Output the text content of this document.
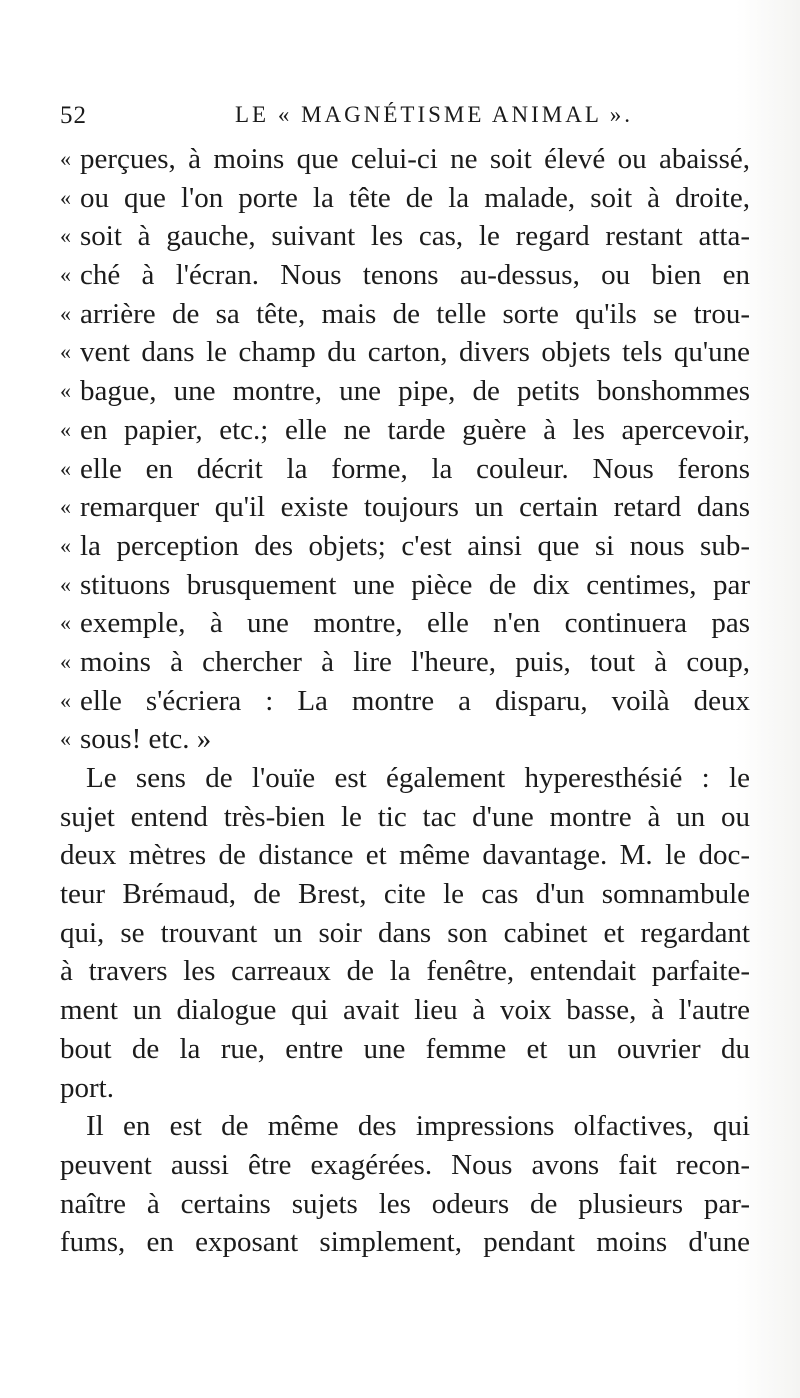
52	LE « MAGNÉTISME ANIMAL ».
« perçues, à moins que celui-ci ne soit élevé ou abaissé,
« ou que l'on porte la tête de la malade, soit à droite,
« soit à gauche, suivant les cas, le regard restant atta-
« ché à l'écran. Nous tenons au-dessus, ou bien en
« arrière de sa tête, mais de telle sorte qu'ils se trou-
« vent dans le champ du carton, divers objets tels qu'une
« bague, une montre, une pipe, de petits bonshommes
« en papier, etc.; elle ne tarde guère à les apercevoir,
« elle en décrit la forme, la couleur. Nous ferons
« remarquer qu'il existe toujours un certain retard dans
« la perception des objets; c'est ainsi que si nous sub-
« stituons brusquement une pièce de dix centimes, par
« exemple, à une montre, elle n'en continuera pas
« moins à chercher à lire l'heure, puis, tout à coup,
« elle s'écriera : La montre a disparu, voilà deux
« sous! etc. »
Le sens de l'ouïe est également hyperesthésié : le
sujet entend très-bien le tic tac d'une montre à un ou
deux mètres de distance et même davantage. M. le doc-
teur Brémaud, de Brest, cite le cas d'un somnambule
qui, se trouvant un soir dans son cabinet et regardant
à travers les carreaux de la fenêtre, entendait parfaite-
ment un dialogue qui avait lieu à voix basse, à l'autre
bout de la rue, entre une femme et un ouvrier du
port.
Il en est de même des impressions olfactives, qui
peuvent aussi être exagérées. Nous avons fait recon-
naître à certains sujets les odeurs de plusieurs par-
fums, en exposant simplement, pendant moins d'une
